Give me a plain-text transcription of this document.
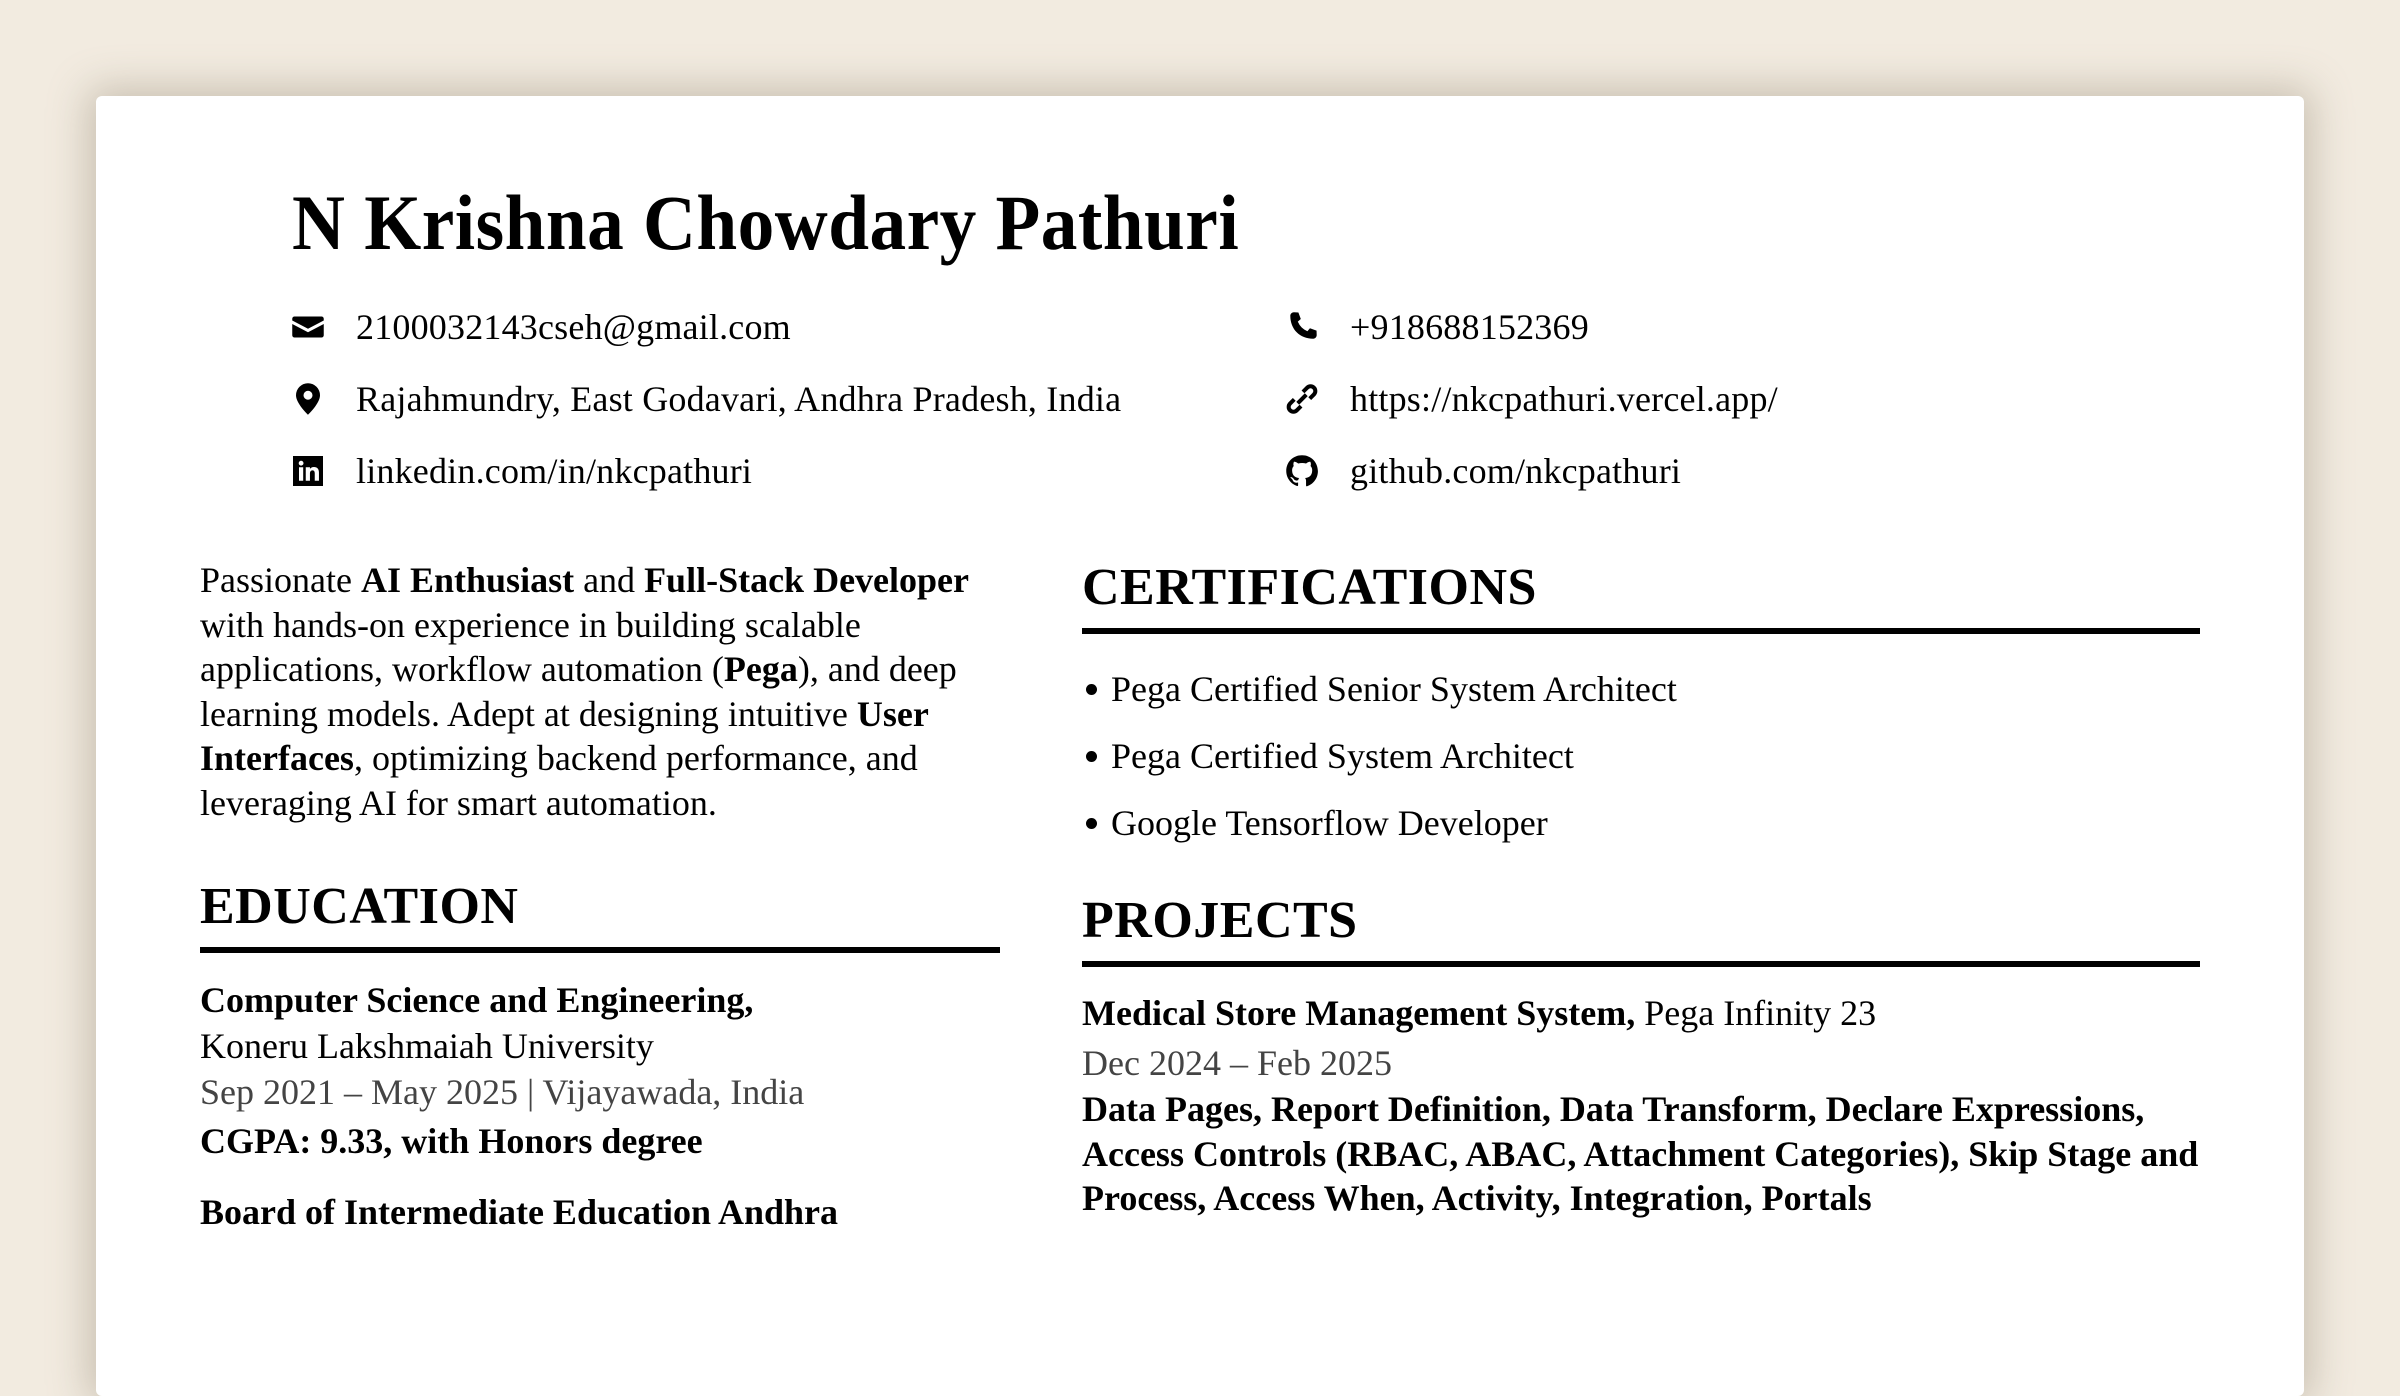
N Krishna Chowdary Pathuri
2100032143cseh@gmail.com
Rajahmundry, East Godavari, Andhra Pradesh, India
linkedin.com/in/nkcpathuri
+918688152369
https://nkcpathuri.vercel.app/
github.com/nkcpathuri

Passionate AI Enthusiast and Full-Stack Developer with hands-on experience in building scalable applications, workflow automation (Pega), and deep learning models. Adept at designing intuitive User Interfaces, optimizing backend performance, and leveraging AI for smart automation.

EDUCATION
Computer Science and Engineering,
Koneru Lakshmaiah University
Sep 2021 – May 2025 | Vijayawada, India
CGPA: 9.33, with Honors degree
Board of Intermediate Education Andhra
CERTIFICATIONS
Pega Certified Senior System Architect
Pega Certified System Architect
Google Tensorflow Developer
PROJECTS
Medical Store Management System, Pega Infinity 23
Dec 2024 – Feb 2025
Data Pages, Report Definition, Data Transform, Declare Expressions, Access Controls (RBAC, ABAC, Attachment Categories), Skip Stage and Process, Access When, Activity, Integration, Portals
